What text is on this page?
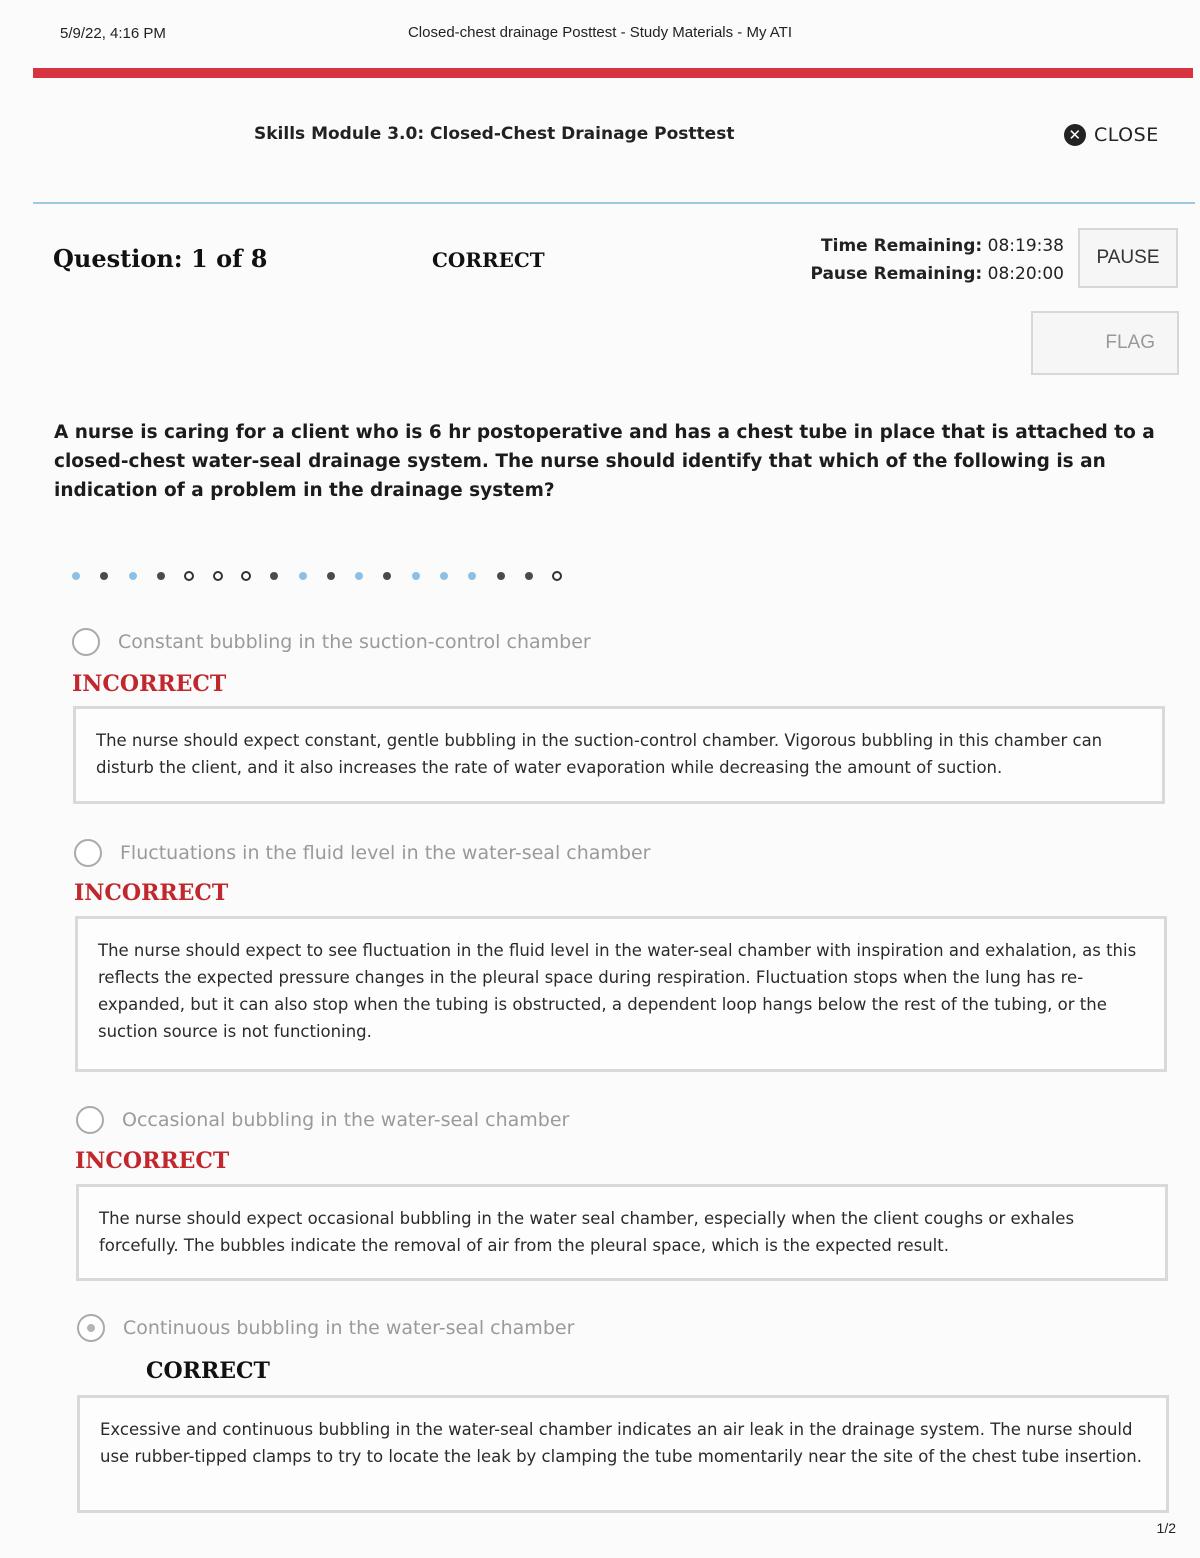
5/9/22, 4:16 PM	Closed-chest drainage Posttest - Study Materials - My ATI
Skills Module 3.0: Closed-Chest Drainage Posttest	✕ CLOSE
Question: 1 of 8	CORRECT
Time Remaining: 08:19:38
Pause Remaining: 08:20:00
PAUSE
FLAG
A nurse is caring for a client who is 6 hr postoperative and has a chest tube in place that is attached to a closed-chest water-seal drainage system. The nurse should identify that which of the following is an indication of a problem in the drainage system?
Constant bubbling in the suction-control chamber
INCORRECT
The nurse should expect constant, gentle bubbling in the suction-control chamber. Vigorous bubbling in this chamber can disturb the client, and it also increases the rate of water evaporation while decreasing the amount of suction.
Fluctuations in the fluid level in the water-seal chamber
INCORRECT
The nurse should expect to see fluctuation in the fluid level in the water-seal chamber with inspiration and exhalation, as this reflects the expected pressure changes in the pleural space during respiration. Fluctuation stops when the lung has re-expanded, but it can also stop when the tubing is obstructed, a dependent loop hangs below the rest of the tubing, or the suction source is not functioning.
Occasional bubbling in the water-seal chamber
INCORRECT
The nurse should expect occasional bubbling in the water seal chamber, especially when the client coughs or exhales forcefully. The bubbles indicate the removal of air from the pleural space, which is the expected result.
Continuous bubbling in the water-seal chamber
CORRECT
Excessive and continuous bubbling in the water-seal chamber indicates an air leak in the drainage system. The nurse should use rubber-tipped clamps to try to locate the leak by clamping the tube momentarily near the site of the chest tube insertion.
1/2
